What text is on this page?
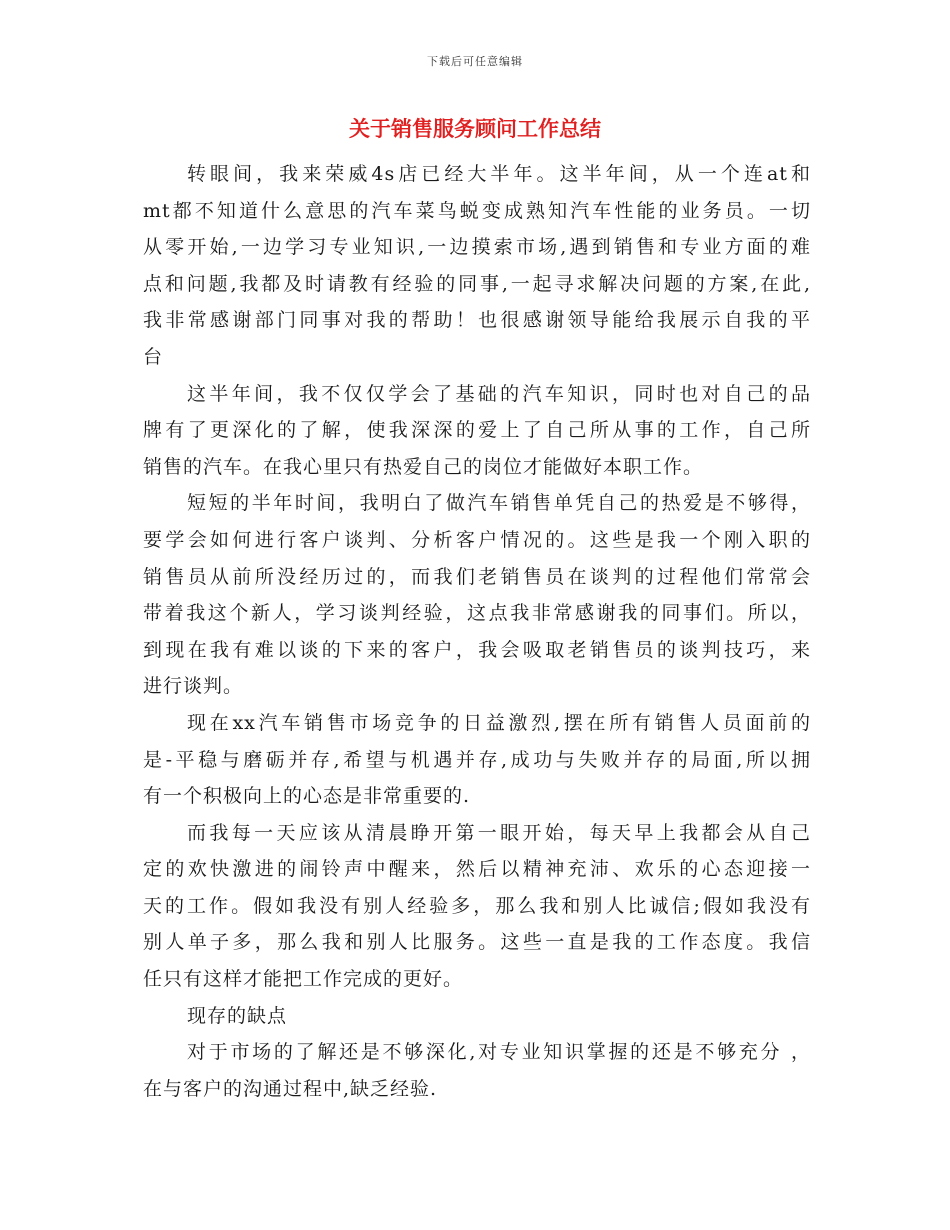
下载后可任意编辑
关于销售服务顾问工作总结
转眼间，我来荣威4s店已经大半年。这半年间，从一个连at和
mt都不知道什么意思的汽车菜鸟蜕变成熟知汽车性能的业务员。一切
从零开始,一边学习专业知识,一边摸索市场,遇到销售和专业方面的难
点和问题,我都及时请教有经验的同事,一起寻求解决问题的方案,在此,
我非常感谢部门同事对我的帮助！也很感谢领导能给我展示自我的平
台
这半年间，我不仅仅学会了基础的汽车知识，同时也对自己的品
牌有了更深化的了解，使我深深的爱上了自己所从事的工作，自己所
销售的汽车。在我心里只有热爱自己的岗位才能做好本职工作。
短短的半年时间，我明白了做汽车销售单凭自己的热爱是不够得，
要学会如何进行客户谈判、分析客户情况的。这些是我一个刚入职的
销售员从前所没经历过的，而我们老销售员在谈判的过程他们常常会
带着我这个新人，学习谈判经验，这点我非常感谢我的同事们。所以，
到现在我有难以谈的下来的客户，我会吸取老销售员的谈判技巧，来
进行谈判。
现在xx汽车销售市场竞争的日益激烈,摆在所有销售人员面前的
是-平稳与磨砺并存,希望与机遇并存,成功与失败并存的局面,所以拥
有一个积极向上的心态是非常重要的.
而我每一天应该从清晨睁开第一眼开始，每天早上我都会从自己
定的欢快激进的闹铃声中醒来，然后以精神充沛、欢乐的心态迎接一
天的工作。假如我没有别人经验多，那么我和别人比诚信;假如我没有
别人单子多，那么我和别人比服务。这些一直是我的工作态度。我信
任只有这样才能把工作完成的更好。
现存的缺点
对于市场的了解还是不够深化,对专业知识掌握的还是不够充分 ，
在与客户的沟通过程中,缺乏经验.
